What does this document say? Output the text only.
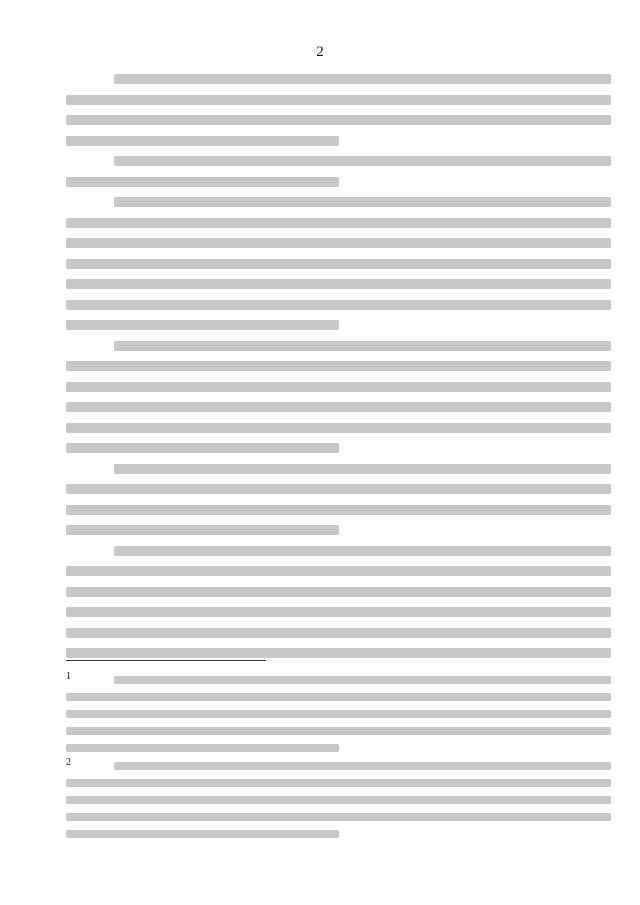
2
1
2
